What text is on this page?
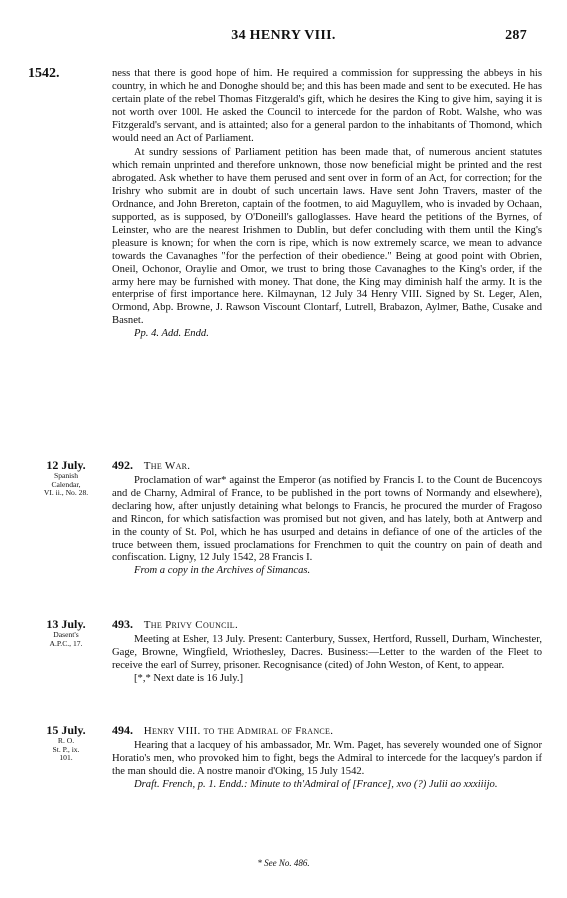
34 HENRY VIII.	287
1542.	ness that there is good hope of him. He required a commission for suppressing the abbeys in his country, in which he and Donoghe should be; and this has been made and sent to be executed. He has certain plate of the rebel Thomas Fitzgerald's gift, which he desires the King to give him, saying it is not worth over 100l. He asked the Council to intercede for the pardon of Robt. Walshe, who was Fitzgerald's servant, and is attainted; also for a general pardon to the inhabitants of Thomond, which would need an Act of Parliament.

At sundry sessions of Parliament petition has been made that, of numerous ancient statutes which remain unprinted and therefore unknown, those now beneficial might be printed and the rest abrogated. Ask whether to have them perused and sent over in form of an Act, for correction; for the Irishry who submit are in doubt of such uncertain laws. Have sent John Travers, master of the Ordnance, and John Brereton, captain of the footmen, to aid Maguyllem, who is invaded by Ochaan, supported, as is supposed, by O'Doneill's galloglasses. Have heard the petitions of the Byrnes, of Leinster, who are the nearest Irishmen to Dublin, but defer concluding with them until the King's pleasure is known; for when the corn is ripe, which is now extremely scarce, we mean to advance towards the Cavanaghes "for the perfection of their obedience." Being at good point with Obrien, Oneil, Ochonor, Oraylie and Omor, we trust to bring those Cavanaghes to the King's order, if the army here may be furnished with money. That done, the King may diminish half the army. It is the enterprise of first importance here. Kilmaynan, 12 July 34 Henry VIII. Signed by St. Leger, Alen, Ormond, Abp. Browne, J. Rawson Viscount Clontarf, Lutrell, Brabazon, Aylmer, Bathe, Cusake and Basnet.

Pp. 4. Add. Endd.
12 July.
Spanish
Calendar,
VI. ii., No. 28.
492. The War.

Proclamation of war* against the Emperor (as notified by Francis I. to the Count de Bucencoys and de Charny, Admiral of France, to be published in the port towns of Normandy and elsewhere), declaring how, after unjustly detaining what belongs to Francis, he procured the murder of Fragoso and Rincon, for which satisfaction was promised but not given, and has lately, both at Antwerp and in the county of St. Pol, which he has usurped and detains in defiance of one of the articles of the truce between them, issued proclamations for Frenchmen to quit the country on pain of death and confiscation. Ligny, 12 July 1542, 28 Francis I.

From a copy in the Archives of Simancas.
13 July.
Dasent's
A.P.C., 17.
493. The Privy Council.

Meeting at Esher, 13 July. Present: Canterbury, Sussex, Hertford, Russell, Durham, Winchester, Gage, Browne, Wingfield, Wriothesley, Dacres. Business:—Letter to the warden of the Fleet to receive the earl of Surrey, prisoner. Recognisance (cited) of John Weston, of Kent, to appear.

[*,* Next date is 16 July.]
15 July.
R. O.
St. P., ix.
101.
494. Henry VIII. to the Admiral of France.

Hearing that a lacquey of his ambassador, Mr. Wm. Paget, has severely wounded one of Signor Horatio's men, who provoked him to fight, begs the Admiral to intercede for the lacquey's pardon if the man should die. A nostre manoir d'Oking, 15 July 1542.

Draft. French, p. 1. Endd.: Minute to th'Admiral of [France], xvo (?) Julii ao xxxiiijo.
* See No. 486.
